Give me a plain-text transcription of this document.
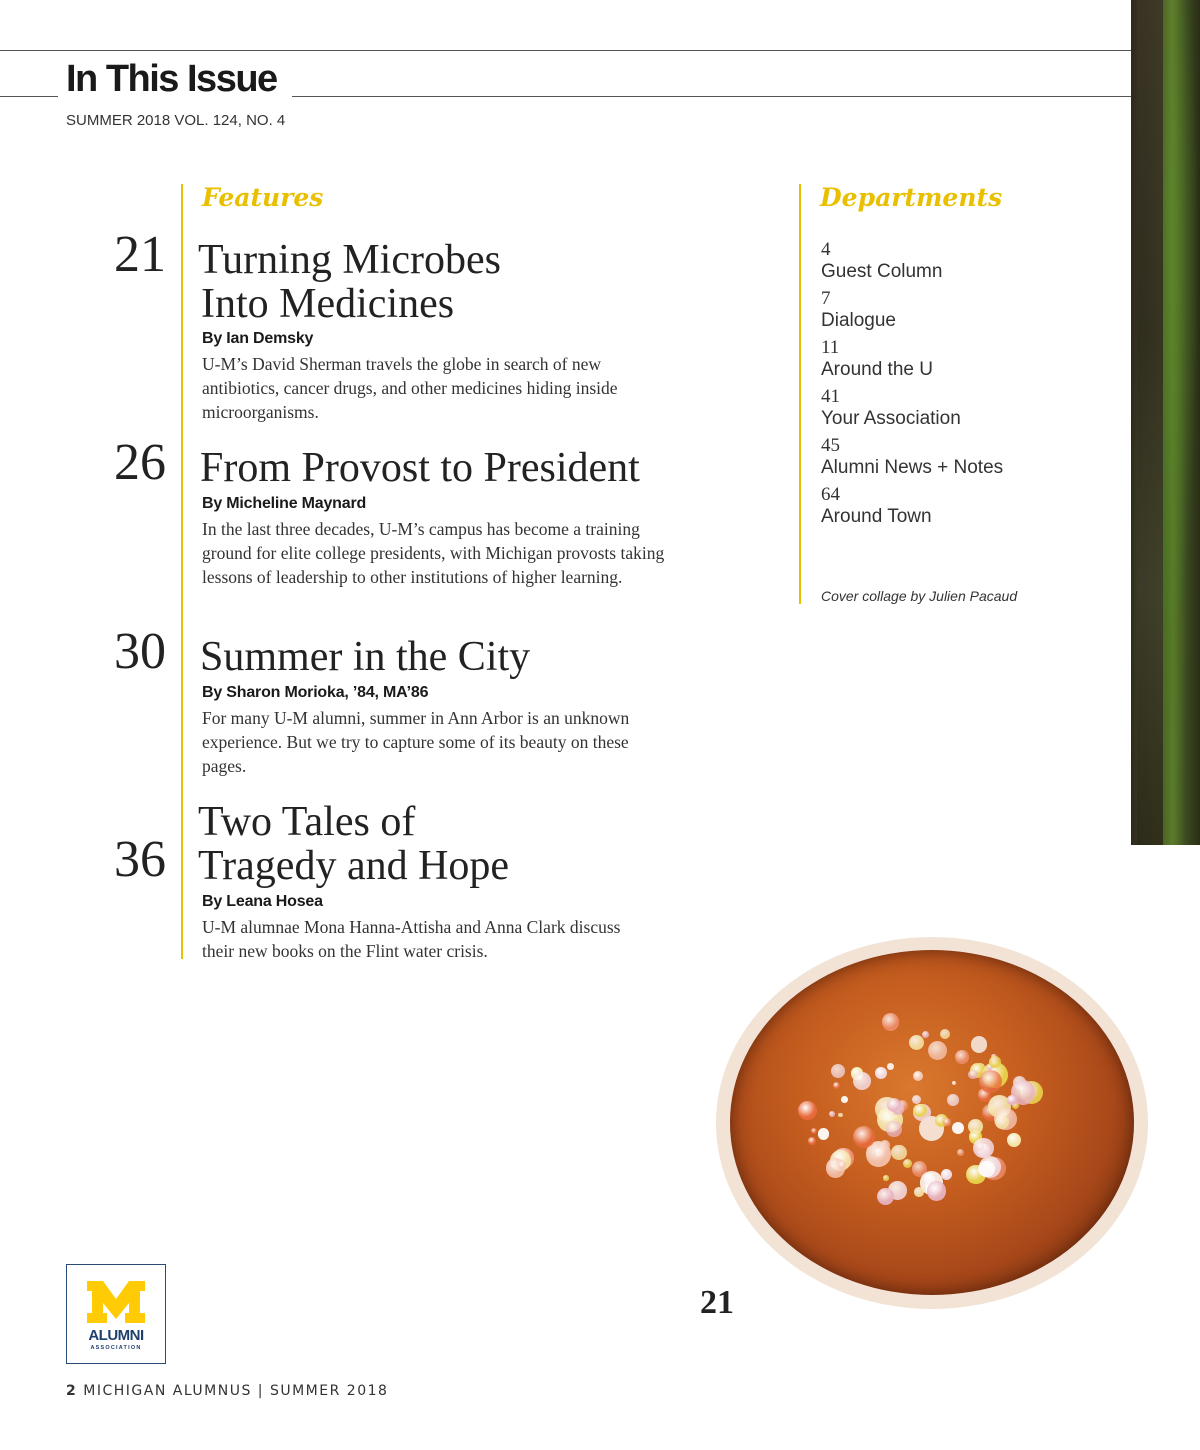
In This Issue
SUMMER 2018 VOL. 124, NO. 4
Features
21 Turning Microbes
Into Medicines
By Ian Demsky
U-M’s David Sherman travels the globe in search of new antibiotics, cancer drugs, and other medicines hiding inside microorganisms.
26 From Provost to President
By Micheline Maynard
In the last three decades, U-M’s campus has become a training ground for elite college presidents, with Michigan provosts taking lessons of leadership to other institutions of higher learning.
30 Summer in the City
By Sharon Morioka, ’84, MA’86
For many U-M alumni, summer in Ann Arbor is an unknown experience. But we try to capture some of its beauty on these pages.
36
Two Tales of
Tragedy and Hope
By Leana Hosea
U-M alumnae Mona Hanna-Attisha and Anna Clark discuss their new books on the Flint water crisis.
Departments
4
Guest Column
7
Dialogue
11
Around the U
41
Your Association
45
Alumni News + Notes
64
Around Town
Cover collage by Julien Pacaud
21
ALUMNI
ASSOCIATION
2 MICHIGAN ALUMNUS | SUMMER 2018
